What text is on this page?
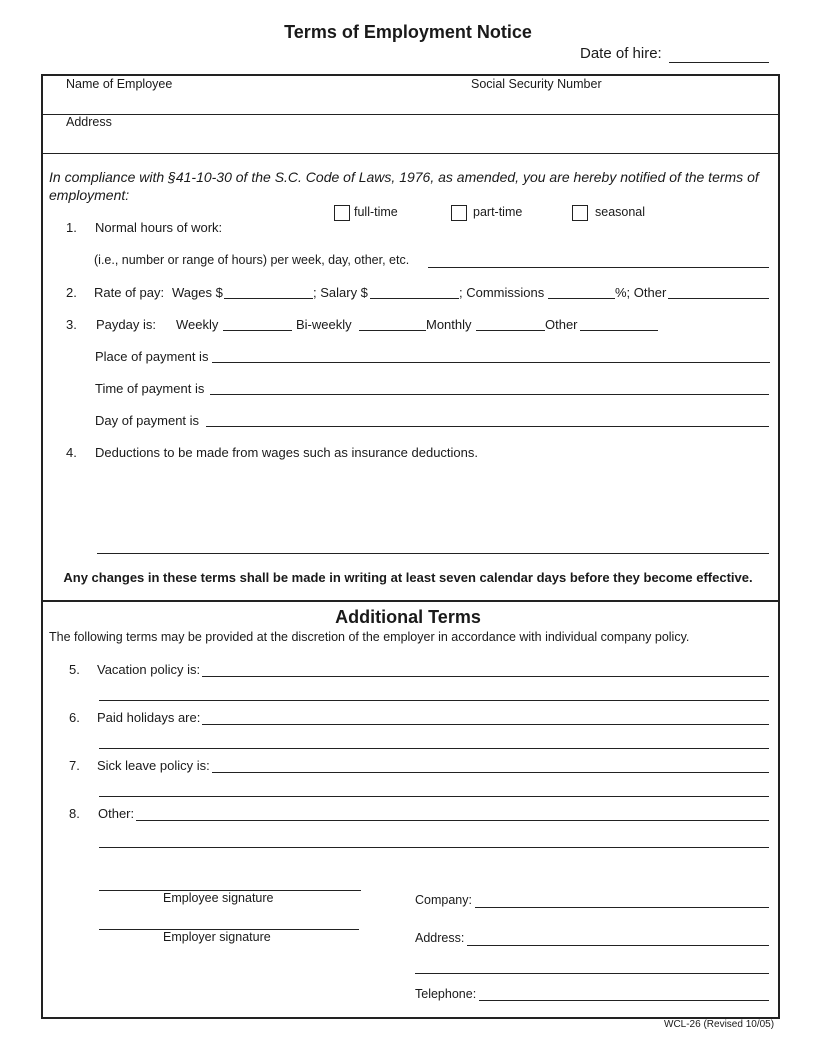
Terms of Employment Notice
Date of hire:
Name of Employee	Social Security Number
Address
In compliance with §41-10-30 of the S.C. Code of Laws, 1976, as amended, you are hereby notified of the terms of employment:
1. Normal hours of work:
full-time	part-time	seasonal
(i.e., number or range of hours) per week, day, other, etc.
2. Rate of pay: Wages $	; Salary $	; Commissions	%; Other
3. Payday is: Weekly	Bi-weekly	Monthly	Other
Place of payment is
Time of payment is
Day of payment is
4. Deductions to be made from wages such as insurance deductions.
Any changes in these terms shall be made in writing at least seven calendar days before they become effective.
Additional Terms
The following terms may be provided at the discretion of the employer in accordance with individual company policy.
5. Vacation policy is:
6. Paid holidays are:
7. Sick leave policy is:
8. Other:
Employee signature
Employer signature
Company:
Address:
Telephone:
WCL-26 (Revised 10/05)
